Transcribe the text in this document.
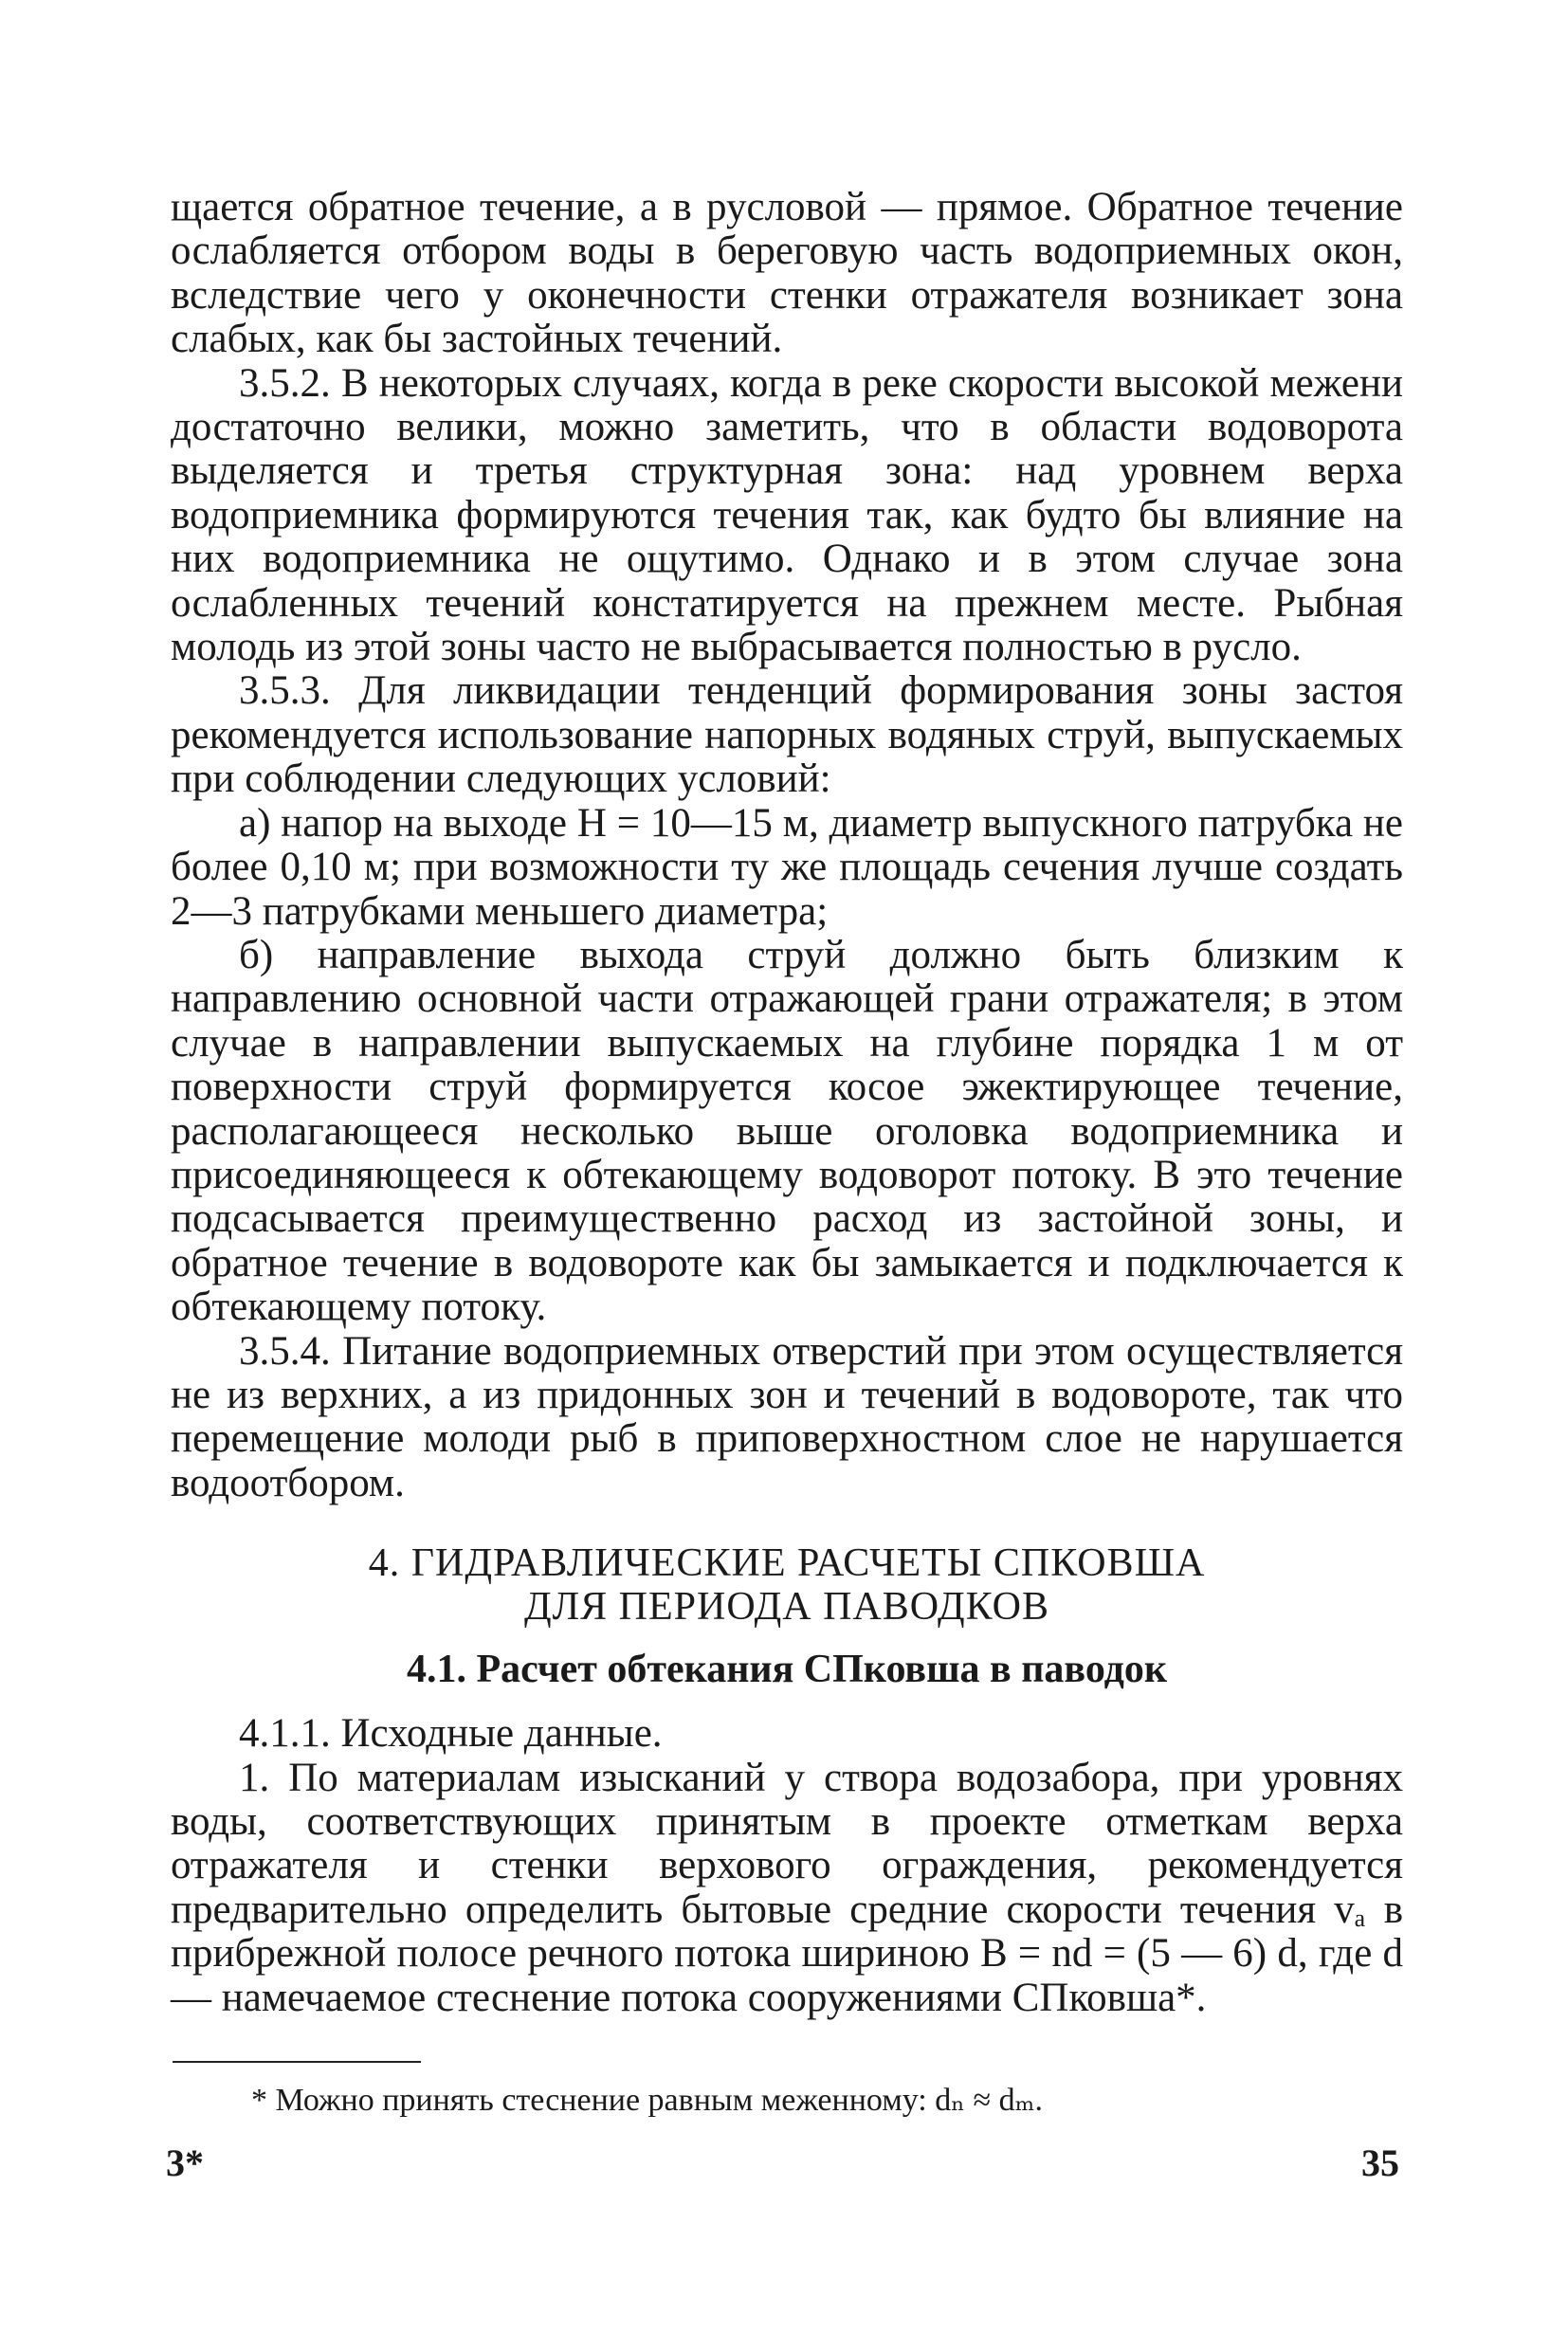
щается обратное течение, а в русловой — прямое. Обратное течение ослабляется отбором воды в береговую часть водоприемных окон, вследствие чего у оконечности стенки отражателя возникает зона слабых, как бы застойных течений.

3.5.2. В некоторых случаях, когда в реке скорости высокой межени достаточно велики, можно заметить, что в области водоворота выделяется и третья структурная зона: над уровнем верха водоприемника формируются течения так, как будто бы влияние на них водоприемника не ощутимо. Однако и в этом случае зона ослабленных течений констатируется на прежнем месте. Рыбная молодь из этой зоны часто не выбрасывается полностью в русло.

3.5.3. Для ликвидации тенденций формирования зоны застоя рекомендуется использование напорных водяных струй, выпускаемых при соблюдении следующих условий:

а) напор на выходе H = 10—15 м, диаметр выпускного патрубка не более 0,10 м; при возможности ту же площадь сечения лучше создать 2—3 патрубками меньшего диаметра;

б) направление выхода струй должно быть близким к направлению основной части отражающей грани отражателя; в этом случае в направлении выпускаемых на глубине порядка 1 м от поверхности струй формируется косое эжектирующее течение, располагающееся несколько выше оголовка водоприемника и присоединяющееся к обтекающему водоворот потоку. В это течение подсасывается преимущественно расход из застойной зоны, и обратное течение в водовороте как бы замыкается и подключается к обтекающему потоку.

3.5.4. Питание водоприемных отверстий при этом осуществляется не из верхних, а из придонных зон и течений в водовороте, так что перемещение молоди рыб в приповерхностном слое не нарушается водоотбором.

4. ГИДРАВЛИЧЕСКИЕ РАСЧЕТЫ СПКОВША
ДЛЯ ПЕРИОДА ПАВОДКОВ
4.1. Расчет обтекания СПковша в паводок

4.1.1. Исходные данные.

1. По материалам изысканий у створа водозабора, при уровнях воды, соответствующих принятым в проекте отметкам верха отражателя и стенки верхового ограждения, рекомендуется предварительно определить бытовые средние скорости течения vₐ в прибрежной полосе речного потока шириною B = nd = (5 — 6) d, где d — намечаемое стеснение потока сооружениями СПковша*.

* Можно принять стеснение равным меженному: dₙ ≈ dₘ.
3*	35
